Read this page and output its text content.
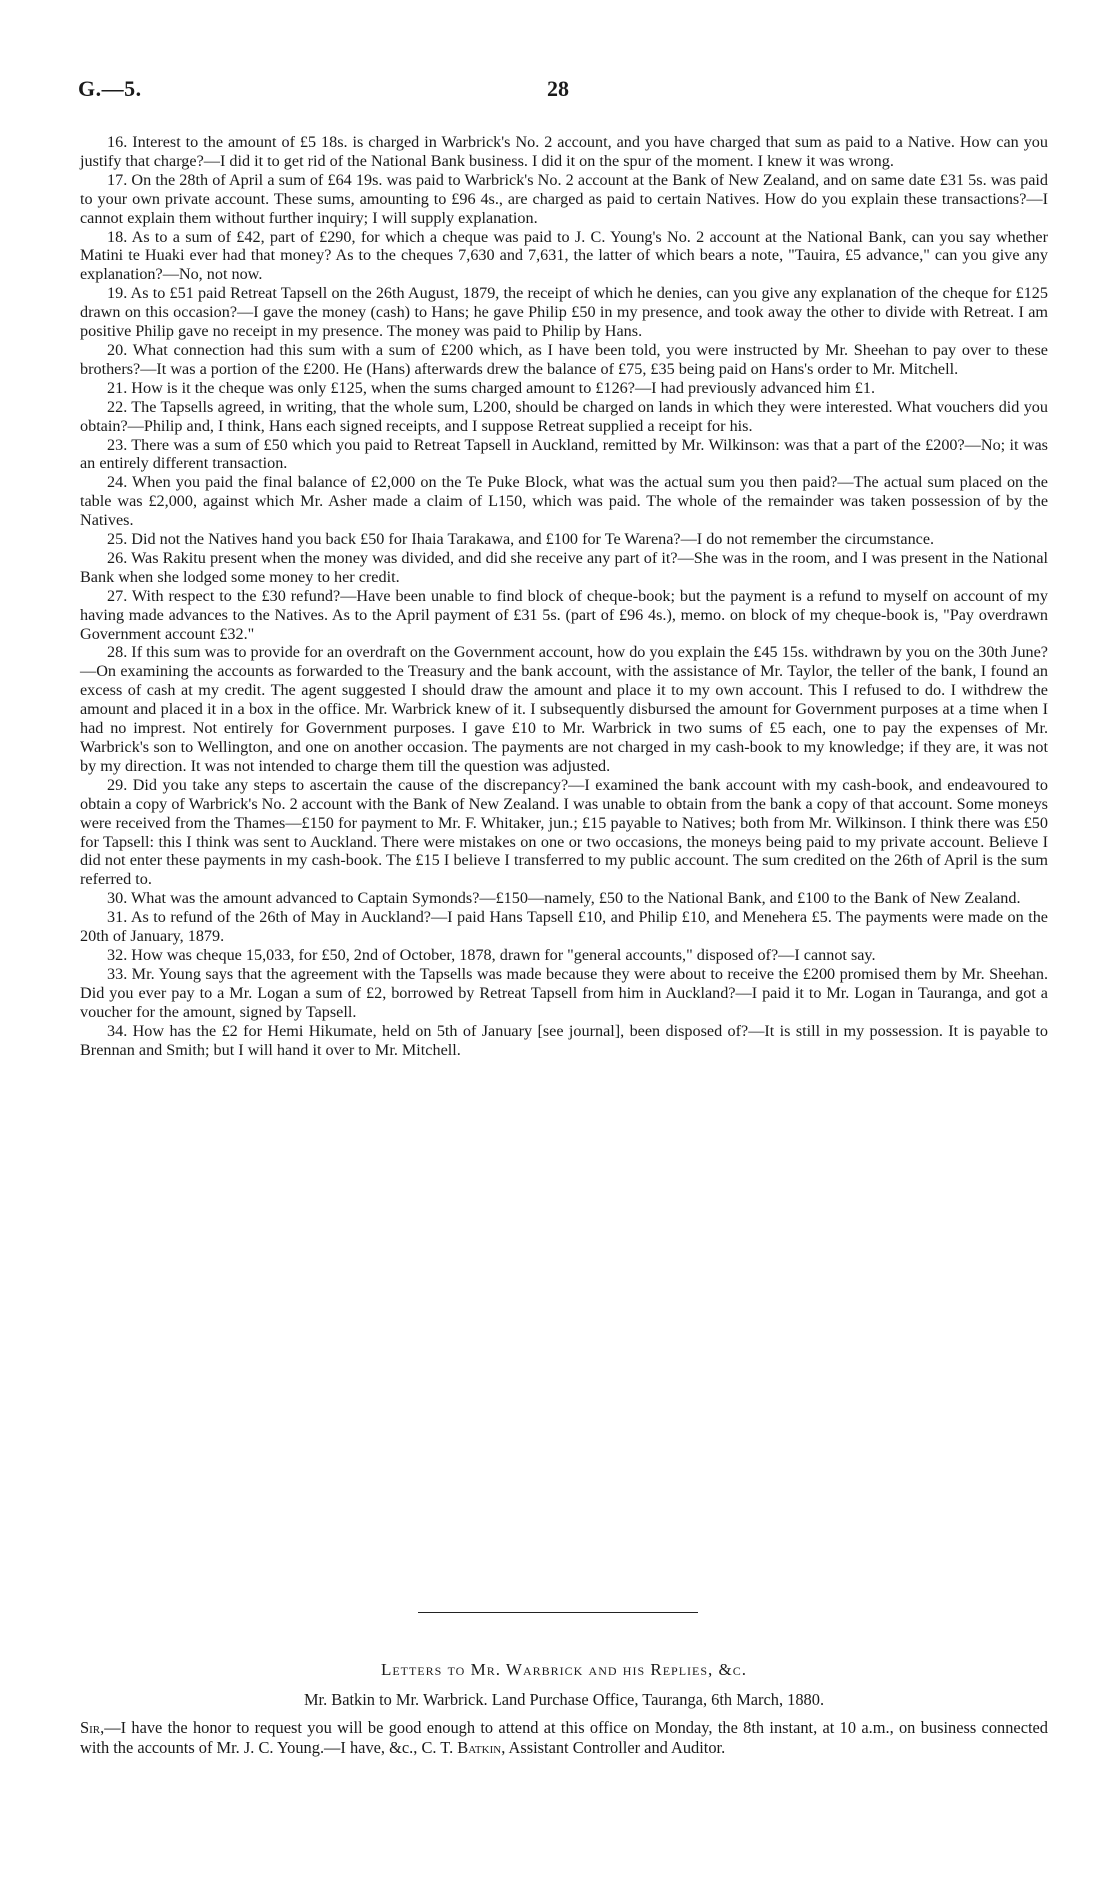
G.—5.	28

16. Interest to the amount of £5 18s. is charged in Warbrick's No. 2 account, and you have charged that sum as paid to a Native. How can you justify that charge?—I did it to get rid of the National Bank business. I did it on the spur of the moment. I knew it was wrong.

17. On the 28th of April a sum of £64 19s. was paid to Warbrick's No. 2 account at the Bank of New Zealand, and on same date £31 5s. was paid to your own private account. These sums, amounting to £96 4s., are charged as paid to certain Natives. How do you explain these transactions?—I cannot explain them without further inquiry; I will supply explanation.

18. As to a sum of £42, part of £290, for which a cheque was paid to J. C. Young's No. 2 account at the National Bank, can you say whether Matini te Huaki ever had that money? As to the cheques 7,630 and 7,631, the latter of which bears a note, "Tauira, £5 advance," can you give any explanation?—No, not now.

19. As to £51 paid Retreat Tapsell on the 26th August, 1879, the receipt of which he denies, can you give any explanation of the cheque for £125 drawn on this occasion?—I gave the money (cash) to Hans; he gave Philip £50 in my presence, and took away the other to divide with Retreat. I am positive Philip gave no receipt in my presence. The money was paid to Philip by Hans.

20. What connection had this sum with a sum of £200 which, as I have been told, you were instructed by Mr. Sheehan to pay over to these brothers?—It was a portion of the £200. He (Hans) afterwards drew the balance of £75, £35 being paid on Hans's order to Mr. Mitchell.

21. How is it the cheque was only £125, when the sums charged amount to £126?—I had previously advanced him £1.

22. The Tapsells agreed, in writing, that the whole sum, L200, should be charged on lands in which they were interested. What vouchers did you obtain?—Philip and, I think, Hans each signed receipts, and I suppose Retreat supplied a receipt for his.

23. There was a sum of £50 which you paid to Retreat Tapsell in Auckland, remitted by Mr. Wilkinson: was that a part of the £200?—No; it was an entirely different transaction.

24. When you paid the final balance of £2,000 on the Te Puke Block, what was the actual sum you then paid?—The actual sum placed on the table was £2,000, against which Mr. Asher made a claim of L150, which was paid. The whole of the remainder was taken possession of by the Natives.

25. Did not the Natives hand you back £50 for Ihaia Tarakawa, and £100 for Te Warena?—I do not remember the circumstance.

26. Was Rakitu present when the money was divided, and did she receive any part of it?—She was in the room, and I was present in the National Bank when she lodged some money to her credit.

27. With respect to the £30 refund?—Have been unable to find block of cheque-book; but the payment is a refund to myself on account of my having made advances to the Natives. As to the April payment of £31 5s. (part of £96 4s.), memo. on block of my cheque-book is, "Pay overdrawn Government account £32."

28. If this sum was to provide for an overdraft on the Government account, how do you explain the £45 15s. withdrawn by you on the 30th June?—On examining the accounts as forwarded to the Treasury and the bank account, with the assistance of Mr. Taylor, the teller of the bank, I found an excess of cash at my credit. The agent suggested I should draw the amount and place it to my own account. This I refused to do. I withdrew the amount and placed it in a box in the office. Mr. Warbrick knew of it. I subsequently disbursed the amount for Government purposes at a time when I had no imprest. Not entirely for Government purposes. I gave £10 to Mr. Warbrick in two sums of £5 each, one to pay the expenses of Mr. Warbrick's son to Wellington, and one on another occasion. The payments are not charged in my cash-book to my knowledge; if they are, it was not by my direction. It was not intended to charge them till the question was adjusted.

29. Did you take any steps to ascertain the cause of the discrepancy?—I examined the bank account with my cash-book, and endeavoured to obtain a copy of Warbrick's No. 2 account with the Bank of New Zealand. I was unable to obtain from the bank a copy of that account. Some moneys were received from the Thames—£150 for payment to Mr. F. Whitaker, jun.; £15 payable to Natives; both from Mr. Wilkinson. I think there was £50 for Tapsell: this I think was sent to Auckland. There were mistakes on one or two occasions, the moneys being paid to my private account. Believe I did not enter these payments in my cash-book. The £15 I believe I transferred to my public account. The sum credited on the 26th of April is the sum referred to.

30. What was the amount advanced to Captain Symonds?—£150—namely, £50 to the National Bank, and £100 to the Bank of New Zealand.

31. As to refund of the 26th of May in Auckland?—I paid Hans Tapsell £10, and Philip £10, and Menehera £5. The payments were made on the 20th of January, 1879.

32. How was cheque 15,033, for £50, 2nd of October, 1878, drawn for "general accounts," disposed of?—I cannot say.

33. Mr. Young says that the agreement with the Tapsells was made because they were about to receive the £200 promised them by Mr. Sheehan. Did you ever pay to a Mr. Logan a sum of £2, borrowed by Retreat Tapsell from him in Auckland?—I paid it to Mr. Logan in Tauranga, and got a voucher for the amount, signed by Tapsell.

34. How has the £2 for Hemi Hikumate, held on 5th of January [see journal], been disposed of?—It is still in my possession. It is payable to Brennan and Smith; but I will hand it over to Mr. Mitchell.

Letters to Mr. Warbrick and his Replies, &c.

Mr. Batkin to Mr. Warbrick. Land Purchase Office, Tauranga, 6th March, 1880.

Sir,—I have the honor to request you will be good enough to attend at this office on Monday, the 8th instant, at 10 a.m., on business connected with the accounts of Mr. J. C. Young.—I have, &c., C. T. Batkin, Assistant Controller and Auditor.
